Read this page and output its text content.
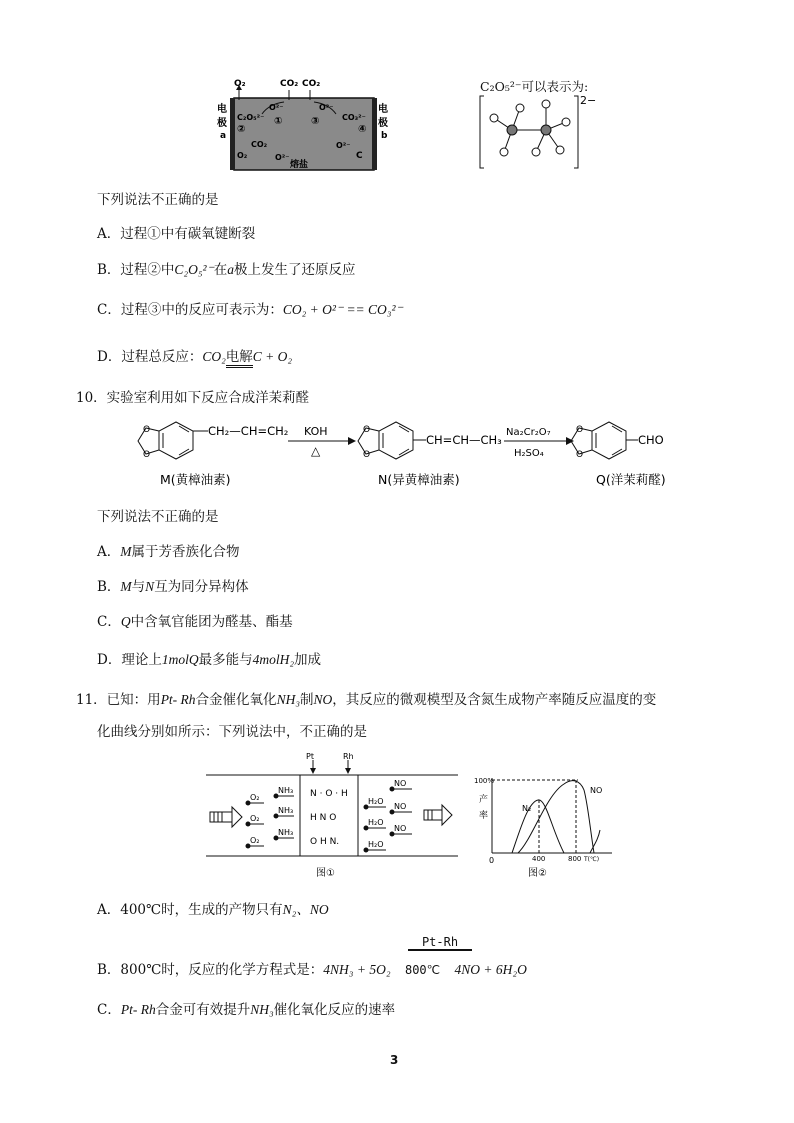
O₂	CO₂ CO₂
电
极
a
电
极
b
C₂O₅²⁻
O²⁻	O²⁻
CO₃²⁻
①	③
②	④
CO₂
O₂	O²⁻
O²⁻
C
熔盐
C₂O₅²⁻可以表示为:
2−
下列说法不正确的是
A．过程①中有碳氧键断裂
B．过程②中C₂O₅²⁻在a极上发生了还原反应
C．过程③中的反应可表示为：CO₂ + O²⁻ == CO₃²⁻
D．过程总反应：CO₂电解C + O₂
10．实验室利用如下反应合成洋茉莉醛
O
O
CH₂—CH=CH₂ KOH
△
O
O
CH=CH—CH₃
Na₂Cr₂O₇
H₂SO₄
O
O
CHO
M(黄樟油素)	N(异黄樟油素)	Q(洋茉莉醛)
下列说法不正确的是
A．M属于芳香族化合物
B．M与N互为同分异构体
C．Q中含氧官能团为醛基、酯基
D．理论上1molQ最多能与4molH₂加成
11．已知：用Pt- Rh合金催化氧化NH₃制NO，其反应的微观模型及含氮生成物产率随反应温度的变
化曲线分别如所示：下列说法中，不正确的是
Pt	Rh
O₂
NH₃
O₂
NH₃
O₂
NH₃
N · O · H
H N O
O H N.
H₂O
NO
H₂O
NO
H₂O
NO
图①
100%
产
率
0	400	800 T(℃)
N₂
NO
图②
A．400℃时，生成的产物只有N₂、NO
Pt-Rh
B．800℃时，反应的化学方程式是：4NH₃ + 5O₂ 800℃ 4NO + 6H₂O
C．Pt- Rh合金可有效提升NH₃催化氧化反应的速率
3
